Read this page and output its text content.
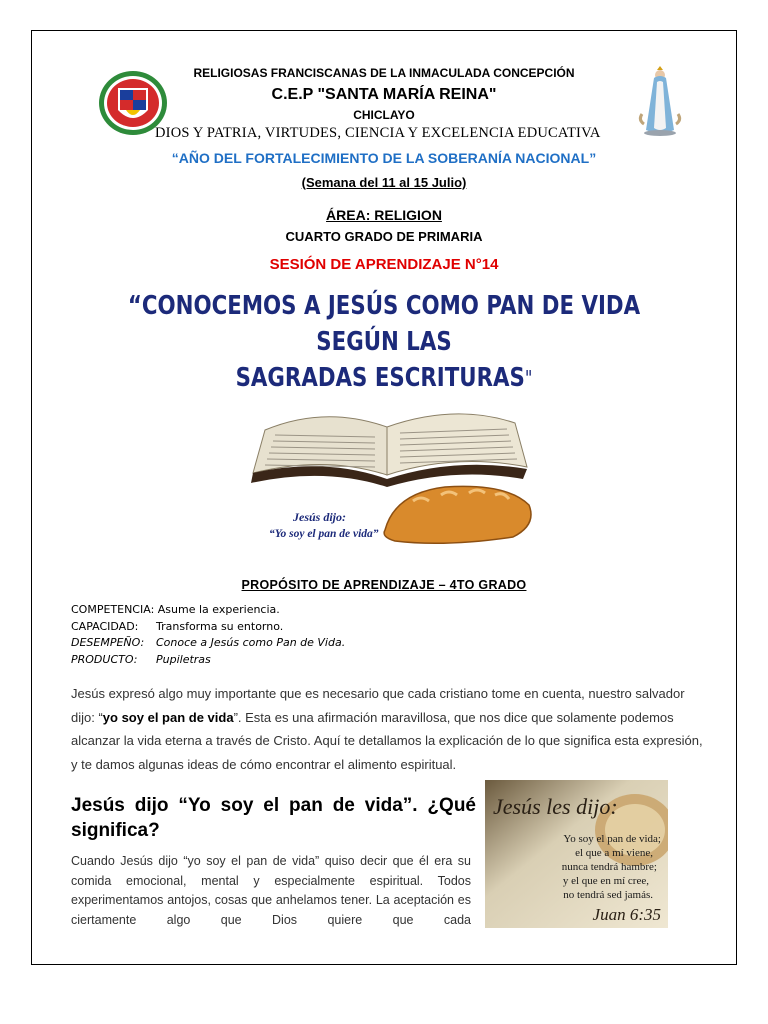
RELIGIOSAS FRANCISCANAS DE LA INMACULADA CONCEPCIÓN
C.E.P "SANTA MARÍA REINA"
CHICLAYO
DIOS Y PATRIA, VIRTUDES, CIENCIA Y EXCELENCIA EDUCATIVA
“AÑO DEL FORTALECIMIENTO DE LA SOBERANÍA NACIONAL”
(Semana del 11 al 15 Julio)
ÁREA: RELIGION
CUARTO GRADO DE PRIMARIA
SESIÓN DE APRENDIZAJE N°14
“CONOCEMOS A JESÚS COMO PAN DE VIDA SEGÚN LAS
SAGRADAS ESCRITURAS"
Jesús dijo:
“Yo soy el pan de vida”
PROPÓSITO DE APRENDIZAJE – 4TO GRADO
COMPETENCIA: Asume la experiencia.
CAPACIDAD: Transforma su entorno.
DESEMPEÑO: Conoce a Jesús como Pan de Vida.
PRODUCTO: Pupiletras
Jesús expresó algo muy importante que es necesario que cada cristiano tome en cuenta, nuestro salvador dijo: “yo soy el pan de vida”. Esta es una afirmación maravillosa, que nos dice que solamente podemos alcanzar la vida eterna a través de Cristo. Aquí te detallamos la explicación de lo que significa esta expresión, y te damos algunas ideas de cómo encontrar el alimento espiritual.
Jesús dijo “Yo soy el pan de vida”. ¿Qué significa?
Cuando Jesús dijo “yo soy el pan de vida” quiso decir que él era su comida emocional, mental y especialmente espiritual. Todos experimentamos antojos, cosas que anhelamos tener. La aceptación es ciertamente algo que Dios quiere que cada
Jesús les dijo:
Yo soy el pan de vida;
el que a mí viene,
nunca tendrá hambre;
y el que en mí cree,
no tendrá sed jamás.
Juan 6:35
